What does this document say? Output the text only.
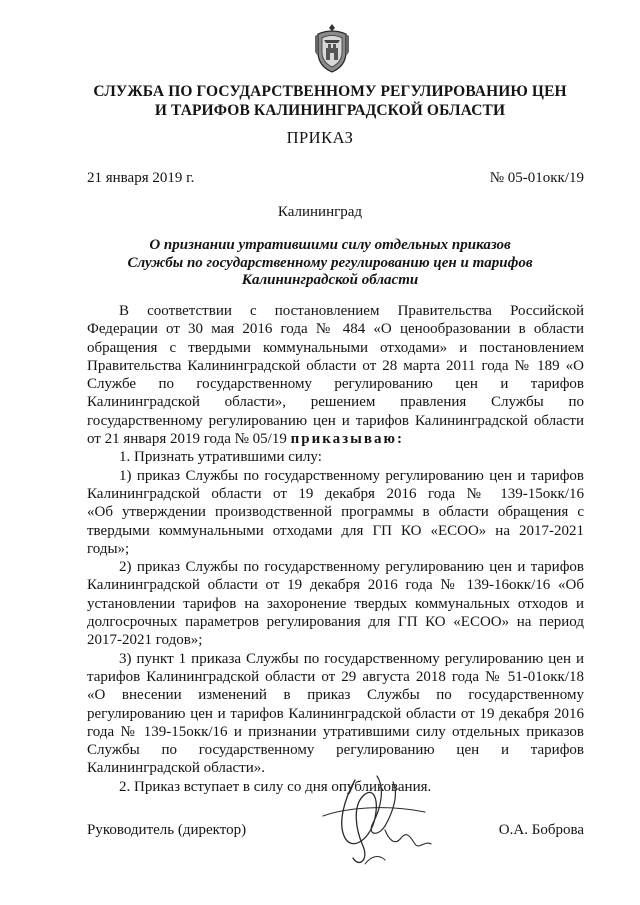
СЛУЖБА ПО ГОСУДАРСТВЕННОМУ РЕГУЛИРОВАНИЮ ЦЕН
И ТАРИФОВ КАЛИНИНГРАДСКОЙ ОБЛАСТИ
ПРИКАЗ
21 января 2019 г.	№ 05-01окк/19
Калининград
О признании утратившими силу отдельных приказов
Службы по государственному регулированию цен и тарифов
Калининградской области
В соответствии с постановлением Правительства Российской
Федерации от 30 мая 2016 года № 484 «О ценообразовании в области
обращения с твердыми коммунальными отходами» и постановлением
Правительства Калининградской области от 28 марта 2011 года № 189 «О
Службе по государственному регулированию цен и тарифов
Калининградской области», решением правления Службы по
государственному регулированию цен и тарифов Калининградской области
от 21 января 2019 года № 05/19 приказываю:
1. Признать утратившими силу:
1) приказ Службы по государственному регулированию цен и тарифов
Калининградской области от 19 декабря 2016 года № 139-15окк/16
«Об утверждении производственной программы в области обращения с
твердыми коммунальными отходами для ГП КО «ЕСОО» на 2017-2021
годы»;
2) приказ Службы по государственному регулированию цен и тарифов
Калининградской области от 19 декабря 2016 года № 139-16окк/16 «Об
установлении тарифов на захоронение твердых коммунальных отходов и
долгосрочных параметров регулирования для ГП КО «ЕСОО» на период
2017-2021 годов»;
3) пункт 1 приказа Службы по государственному регулированию цен и
тарифов Калининградской области от 29 августа 2018 года № 51-01окк/18
«О внесении изменений в приказ Службы по государственному
регулированию цен и тарифов Калининградской области от 19 декабря 2016
года № 139-15окк/16 и признании утратившими силу отдельных приказов
Службы по государственному регулированию цен и тарифов
Калининградской области».
2. Приказ вступает в силу со дня опубликования.
Руководитель (директор)	О.А. Боброва
